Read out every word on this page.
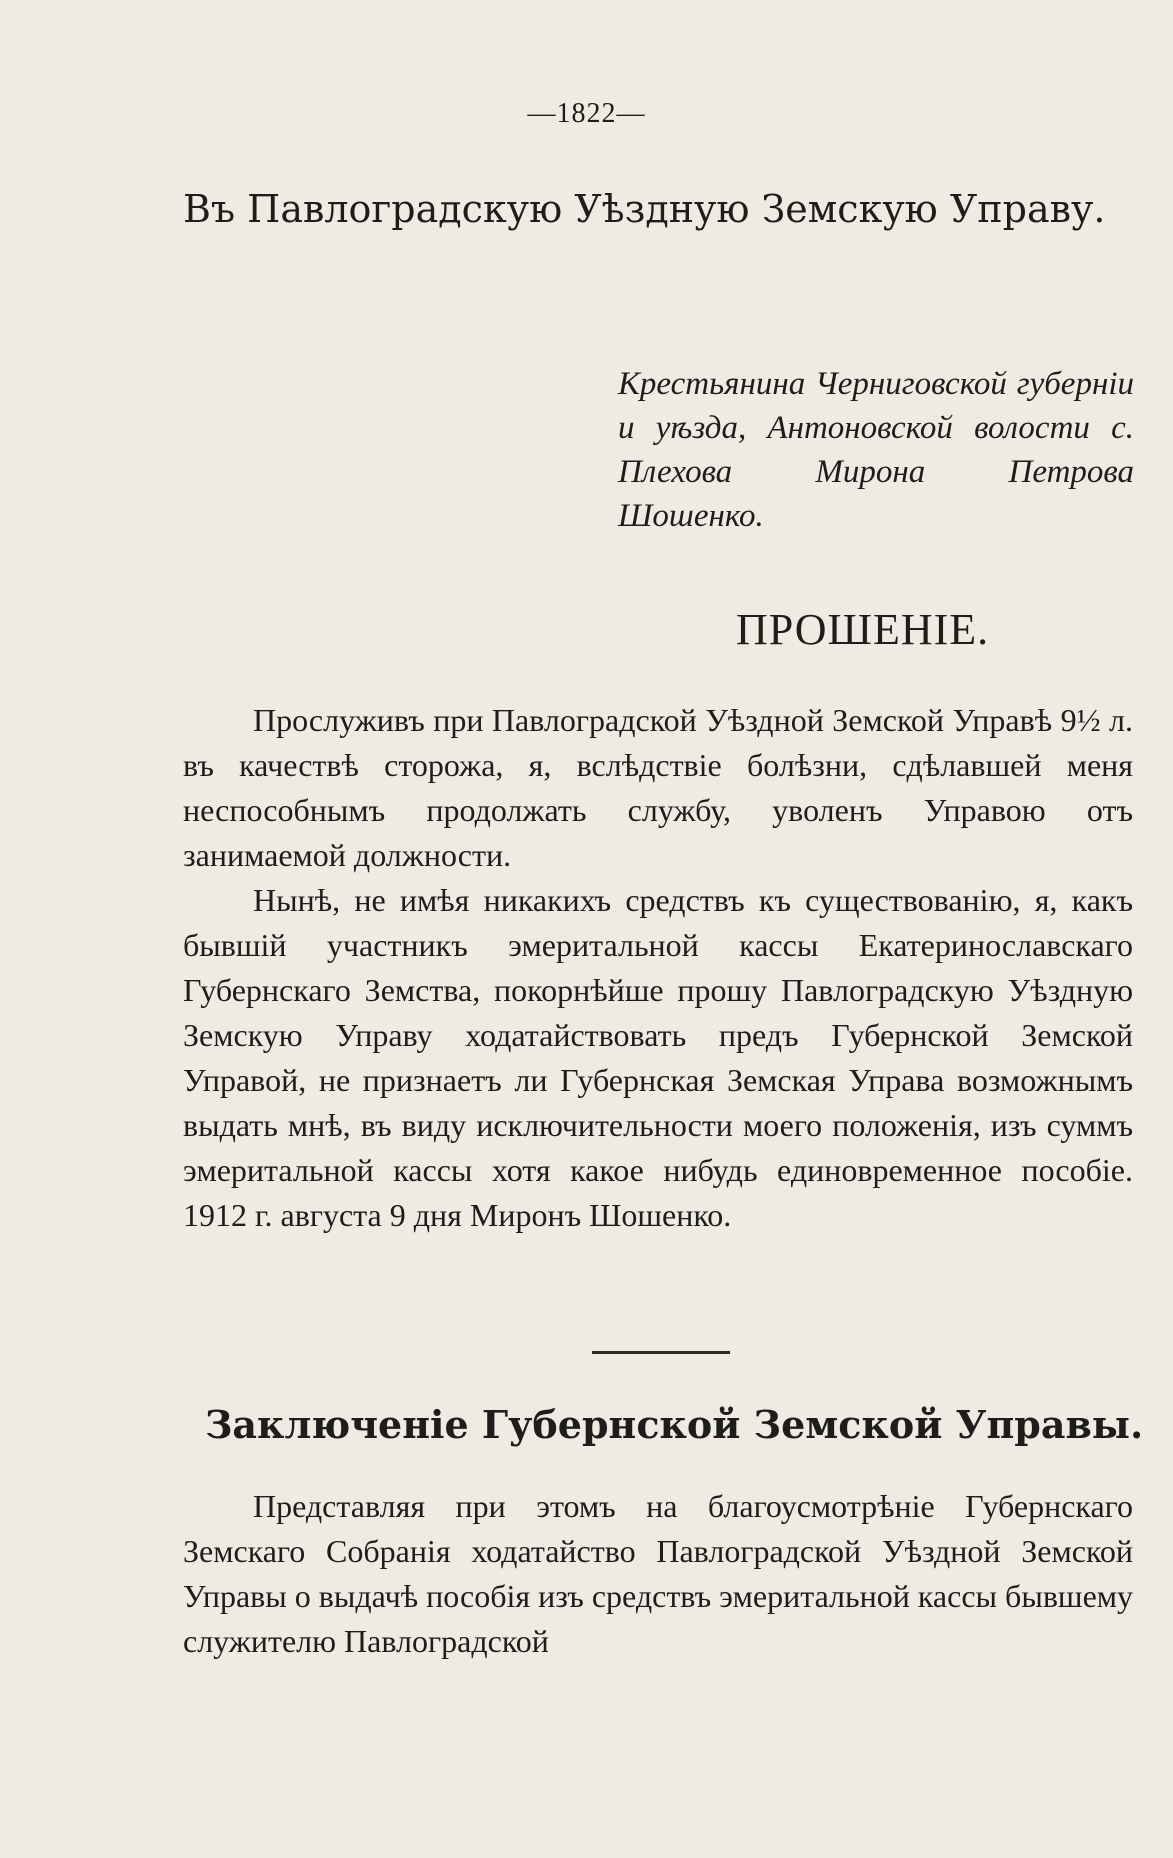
—1822—
Въ Павлоградскую Уѣздную Земскую Управу.
Крестьянина Черниговской губерніи и уѣзда, Антоновской волости с. Плехова Мирона Петрова Шошенко.
ПРОШЕНІЕ.

Прослуживъ при Павлоградской Уѣздной Земской Управѣ 9½ л. въ качествѣ сторожа, я, вслѣдствіе болѣзни, сдѣлавшей меня неспособнымъ продолжать службу, уволенъ Управою отъ занимаемой должности.

Нынѣ, не имѣя никакихъ средствъ къ существованію, я, какъ бывшій участникъ эмеритальной кассы Екатеринославскаго Губернскаго Земства, покорнѣйше прошу Павлоградскую Уѣздную Земскую Управу ходатайствовать предъ Губернской Земской Управой, не признаетъ ли Губернская Земская Управа возможнымъ выдать мнѣ, въ виду исключительности моего положенія, изъ суммъ эмеритальной кассы хотя какое нибудь единовременное пособіе. 1912 г. августа 9 дня Миронъ Шошенко.

Заключеніе Губернской Земской Управы.

Представляя при этомъ на благоусмотрѣніе Губернскаго Земскаго Собранія ходатайство Павлоградской Уѣздной Земской Управы о выдачѣ пособія изъ средствъ эмеритальной кассы бывшему служителю Павлоградской
